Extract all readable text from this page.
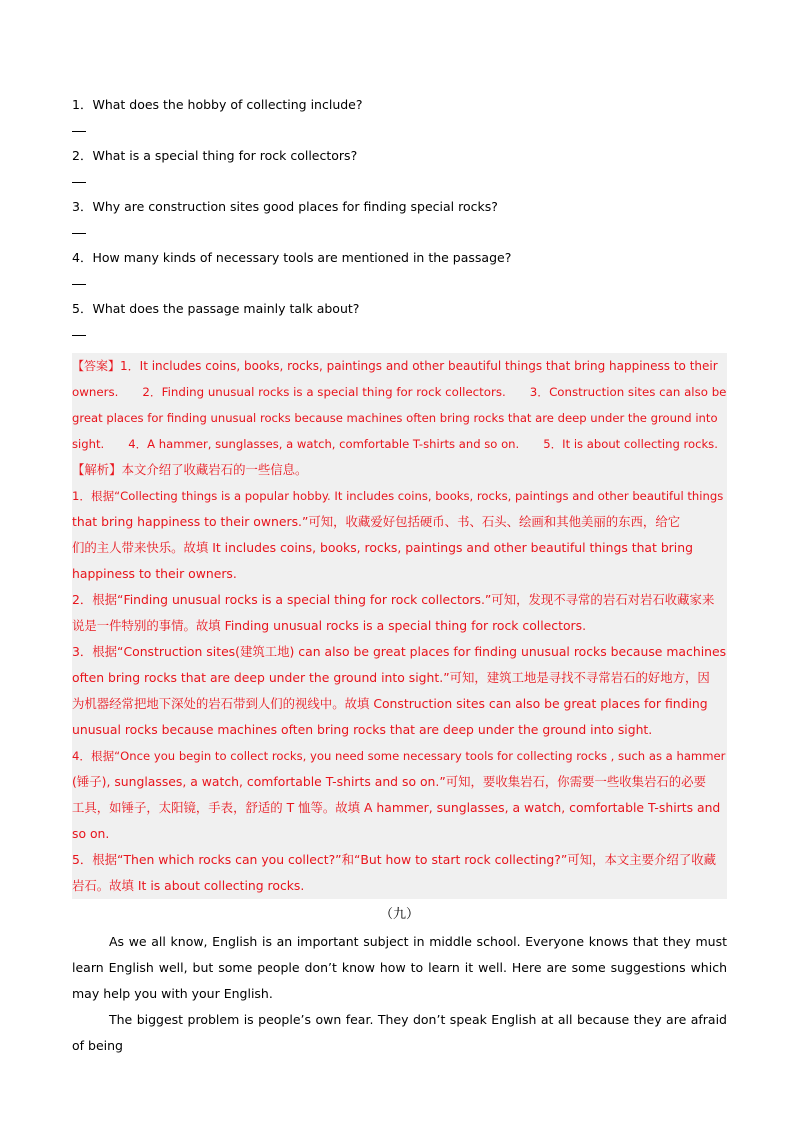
1．What does the hobby of collecting include?

2．What is a special thing for rock collectors?

3．Why are construction sites good places for finding special rocks?

4．How many kinds of necessary tools are mentioned in the passage?

5．What does the passage mainly talk about?

【答案】1．It includes coins, books, rocks, paintings and other beautiful things that bring happiness to their

owners. 2．Finding unusual rocks is a special thing for rock collectors. 3．Construction sites can also be

great places for finding unusual rocks because machines often bring rocks that are deep under the ground into

sight. 4．A hammer, sunglasses, a watch, comfortable T-shirts and so on. 5．It is about collecting rocks.

【解析】本文介绍了收藏岩石的一些信息。

1．根据“Collecting things is a popular hobby. It includes coins, books, rocks, paintings and other beautiful things

that bring happiness to their owners.”可知，收藏爱好包括硬币、书、石头、绘画和其他美丽的东西，给它

们的主人带来快乐。故填 It includes coins, books, rocks, paintings and other beautiful things that bring

happiness to their owners.

2．根据“Finding unusual rocks is a special thing for rock collectors.”可知，发现不寻常的岩石对岩石收藏家来

说是一件特别的事情。故填 Finding unusual rocks is a special thing for rock collectors.

3．根据“Construction sites(建筑工地) can also be great places for finding unusual rocks because machines

often bring rocks that are deep under the ground into sight.”可知，建筑工地是寻找不寻常岩石的好地方，因

为机器经常把地下深处的岩石带到人们的视线中。故填 Construction sites can also be great places for finding

unusual rocks because machines often bring rocks that are deep under the ground into sight.

4．根据“Once you begin to collect rocks, you need some necessary tools for collecting rocks , such as a hammer

(锤子), sunglasses, a watch, comfortable T-shirts and so on.”可知，要收集岩石，你需要一些收集岩石的必要

工具，如锤子，太阳镜，手表，舒适的 T 恤等。故填 A hammer, sunglasses, a watch, comfortable T-shirts and

so on.

5．根据“Then which rocks can you collect?”和“But how to start rock collecting?”可知，本文主要介绍了收藏

岩石。故填 It is about collecting rocks.

（九）

As we all know, English is an important subject in middle school. Everyone knows that they must learn English well, but some people don’t know how to learn it well. Here are some suggestions which may help you with your English.

The biggest problem is people’s own fear. They don’t speak English at all because they are afraid of being
